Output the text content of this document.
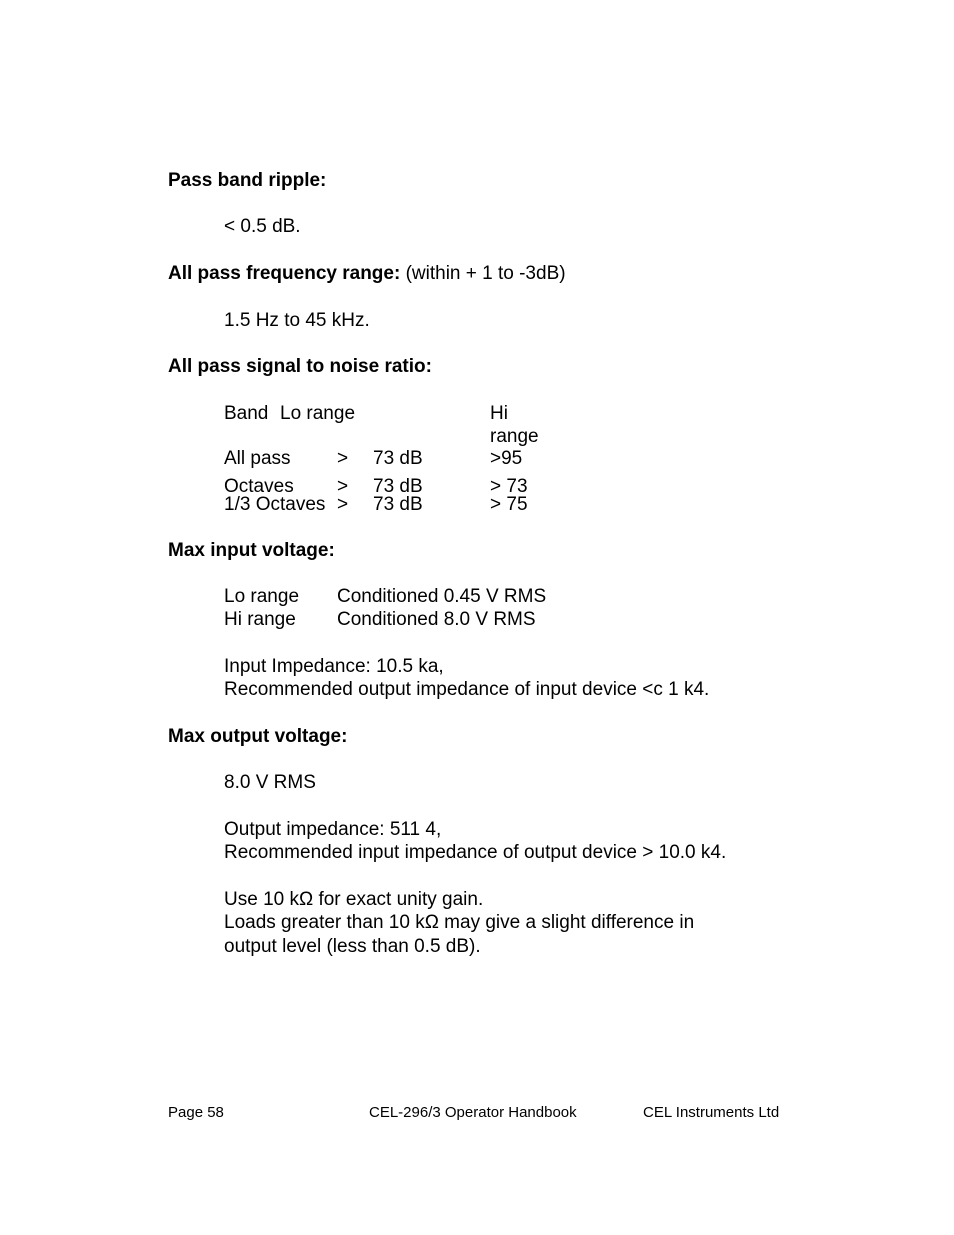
Pass band ripple:
< 0.5 dB.
All pass frequency range: (within + 1 to -3dB)
1.5 Hz to 45 kHz.
All pass signal to noise ratio:
Band Lo range	Hi
range
All pass > 73 dB	>95
Octaves > 73 dB	> 73
1/3 Octaves > 73 dB	> 75
Max input voltage:
Lo range Conditioned 0.45 V RMS
Hi range Conditioned 8.0 V RMS
Input Impedance: 10.5 ka,
Recommended output impedance of input device <c 1 k4.
Max output voltage:
8.0 V RMS
Output impedance: 511 4,
Recommended input impedance of output device > 10.0 k4.
Use 10 kΩ for exact unity gain.
Loads greater than 10 kΩ may give a slight difference in
output level (less than 0.5 dB).
Page 58	CEL-296/3 Operator Handbook	CEL Instruments Ltd
